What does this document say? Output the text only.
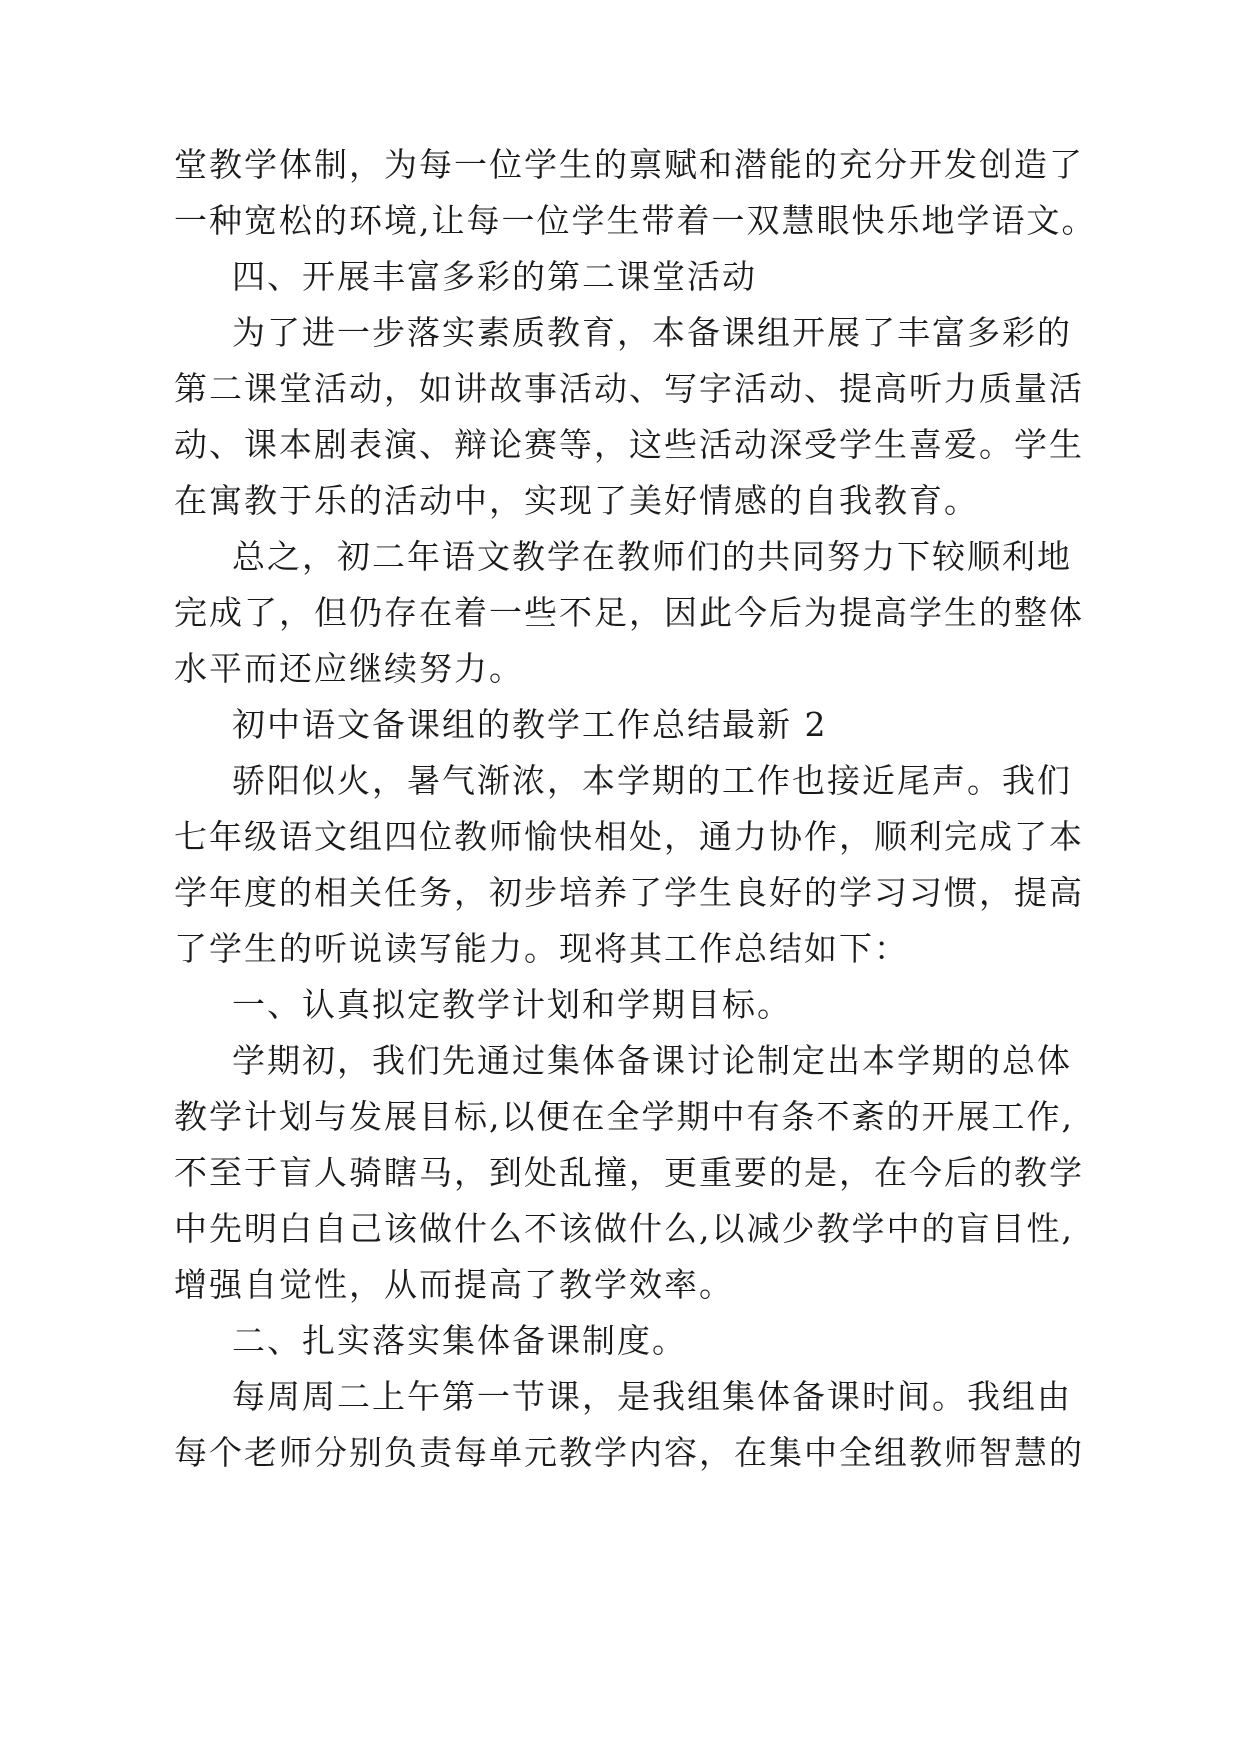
堂教学体制，为每一位学生的禀赋和潜能的充分开发创造了
一种宽松的环境,让每一位学生带着一双慧眼快乐地学语文。
四、开展丰富多彩的第二课堂活动
为了进一步落实素质教育，本备课组开展了丰富多彩的
第二课堂活动，如讲故事活动、写字活动、提高听力质量活
动、课本剧表演、辩论赛等，这些活动深受学生喜爱。学生
在寓教于乐的活动中，实现了美好情感的自我教育。
总之，初二年语文教学在教师们的共同努力下较顺利地
完成了，但仍存在着一些不足，因此今后为提高学生的整体
水平而还应继续努力。
初中语文备课组的教学工作总结最新 2
骄阳似火，暑气渐浓，本学期的工作也接近尾声。我们
七年级语文组四位教师愉快相处，通力协作，顺利完成了本
学年度的相关任务，初步培养了学生良好的学习习惯，提高
了学生的听说读写能力。现将其工作总结如下：
一、认真拟定教学计划和学期目标。
学期初，我们先通过集体备课讨论制定出本学期的总体
教学计划与发展目标,以便在全学期中有条不紊的开展工作,
不至于盲人骑瞎马，到处乱撞，更重要的是，在今后的教学
中先明白自己该做什么不该做什么,以减少教学中的盲目性,
增强自觉性，从而提高了教学效率。
二、扎实落实集体备课制度。
每周周二上午第一节课，是我组集体备课时间。我组由
每个老师分别负责每单元教学内容，在集中全组教师智慧的
